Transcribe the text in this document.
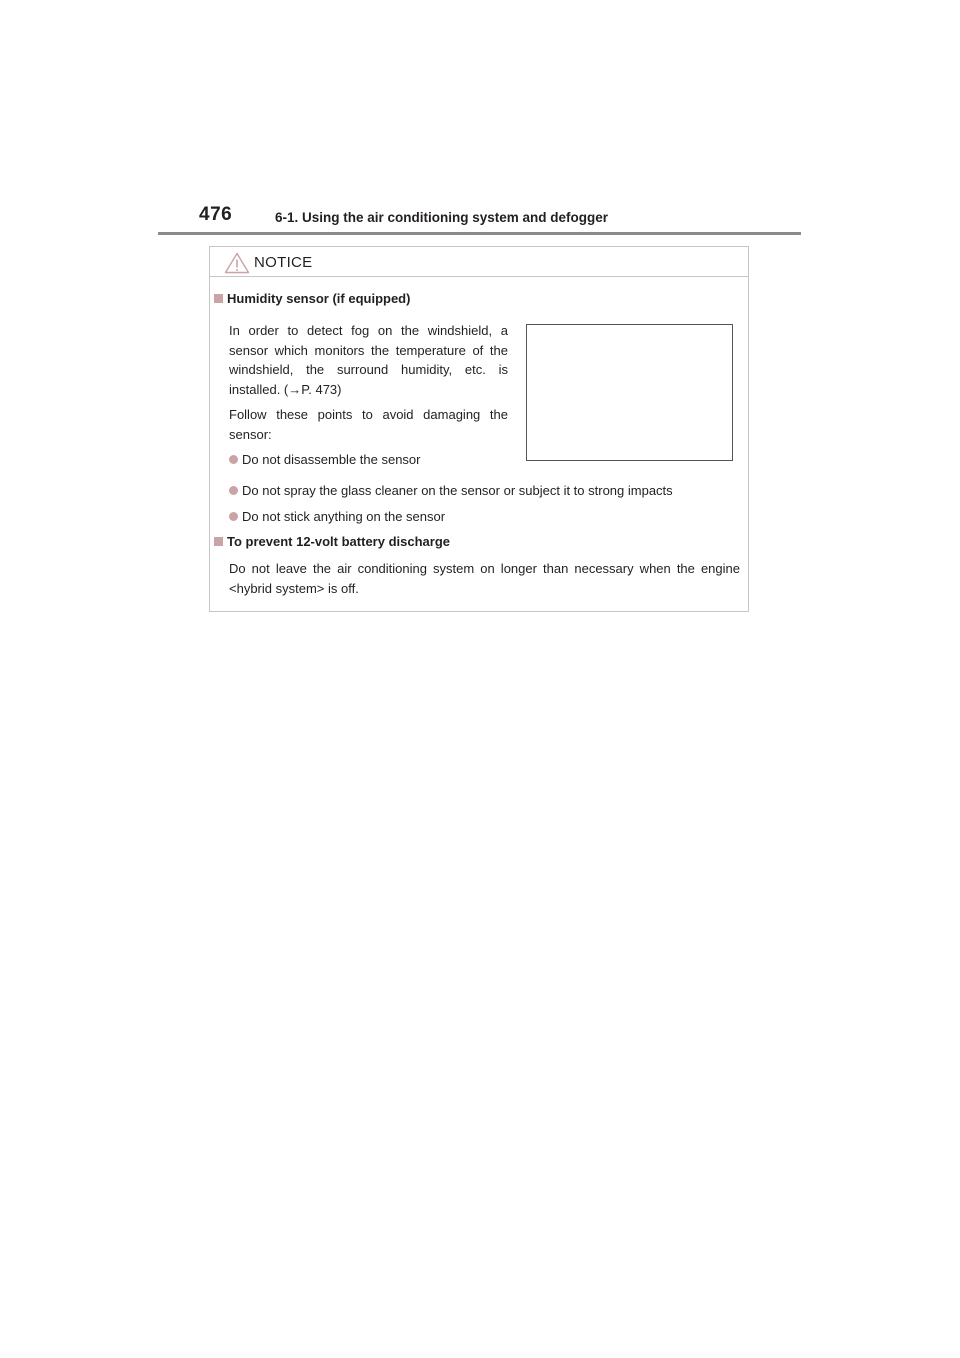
476	6-1. Using the air conditioning system and defogger
NOTICE
Humidity sensor (if equipped)
In order to detect fog on the windshield, a sensor which monitors the temperature of the windshield, the surround humidity, etc. is installed. (→P. 473)
Follow these points to avoid damaging the sensor:
Do not disassemble the sensor
Do not spray the glass cleaner on the sensor or subject it to strong impacts
Do not stick anything on the sensor
To prevent 12-volt battery discharge
Do not leave the air conditioning system on longer than necessary when the engine <hybrid system> is off.
